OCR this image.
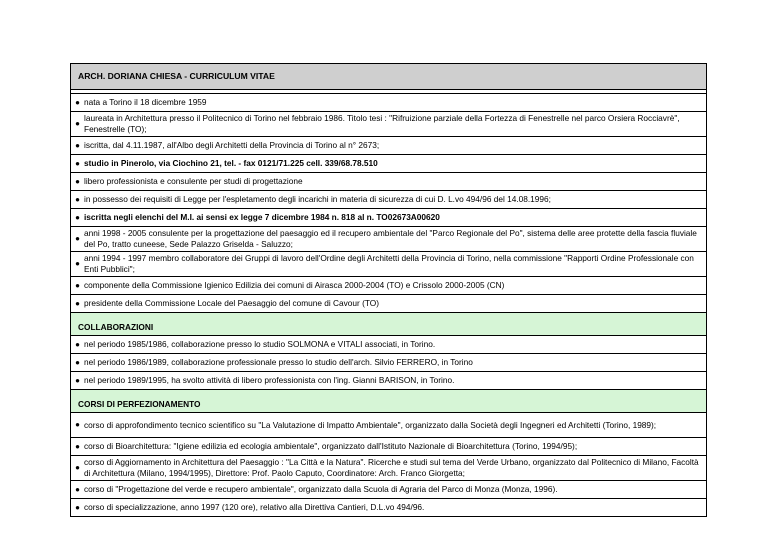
ARCH. DORIANA CHIESA - CURRICULUM VITAE

● nata a Torino il 18 dicembre 1959

●
laureata in Architettura presso il Politecnico di Torino nel febbraio 1986. Titolo tesi : "Rifruizione parziale della Fortezza di Fenestrelle nel parco Orsiera Rocciavrè", Fenestrelle (TO);

● iscritta, dal 4.11.1987, all'Albo degli Architetti della Provincia di Torino al n° 2673;

● studio in Pinerolo, via Ciochino 21, tel. - fax 0121/71.225 cell. 339/68.78.510

● libero professionista e consulente per studi di progettazione

● in possesso dei requisiti di Legge per l'espletamento degli incarichi in materia di sicurezza di cui D. L.vo 494/96 del 14.08.1996;

● iscritta negli elenchi del M.I. ai sensi ex legge 7 dicembre 1984 n. 818 al n. TO02673A00620

●
anni 1998 - 2005 consulente per la progettazione del paesaggio ed il recupero ambientale del "Parco Regionale del Po", sistema delle aree protette della fascia fluviale del Po, tratto cuneese, Sede Palazzo Griselda - Saluzzo;

●
anni 1994 - 1997 membro collaboratore dei Gruppi di lavoro dell'Ordine degli Architetti della Provincia di Torino, nella commissione "Rapporti Ordine Professionale con Enti Pubblici";

● componente della Commissione Igienico Edilizia dei comuni di Airasca 2000-2004 (TO) e Crissolo 2000-2005 (CN)

● presidente della Commissione Locale del Paesaggio del comune di Cavour (TO)

COLLABORAZIONI

● nel periodo 1985/1986, collaborazione presso lo studio SOLMONA e VITALI associati, in Torino.

● nel periodo 1986/1989, collaborazione professionale presso lo studio dell'arch. Silvio FERRERO, in Torino

● nel periodo 1989/1995, ha svolto attività di libero professionista con l'ing. Gianni BARISON, in Torino.

CORSI DI PERFEZIONAMENTO

● corso di approfondimento tecnico scientifico su "La Valutazione di Impatto Ambientale", organizzato dalla Società degli Ingegneri ed Architetti (Torino, 1989);

● corso di Bioarchitettura: "Igiene edilizia ed ecologia ambientale", organizzato dall'Istituto Nazionale di Bioarchitettura (Torino, 1994/95);

●
corso di Aggiornamento in Architettura del Paesaggio : "La Città e la Natura". Ricerche e studi sul tema del Verde Urbano, organizzato dal Politecnico di Milano, Facoltà di Architettura (Milano, 1994/1995), Direttore: Prof. Paolo Caputo, Coordinatore: Arch. Franco Giorgetta;

● corso di "Progettazione del verde e recupero ambientale", organizzato dalla Scuola di Agraria del Parco di Monza (Monza, 1996).

● corso di specializzazione, anno 1997 (120 ore), relativo alla Direttiva Cantieri, D.L.vo 494/96.
